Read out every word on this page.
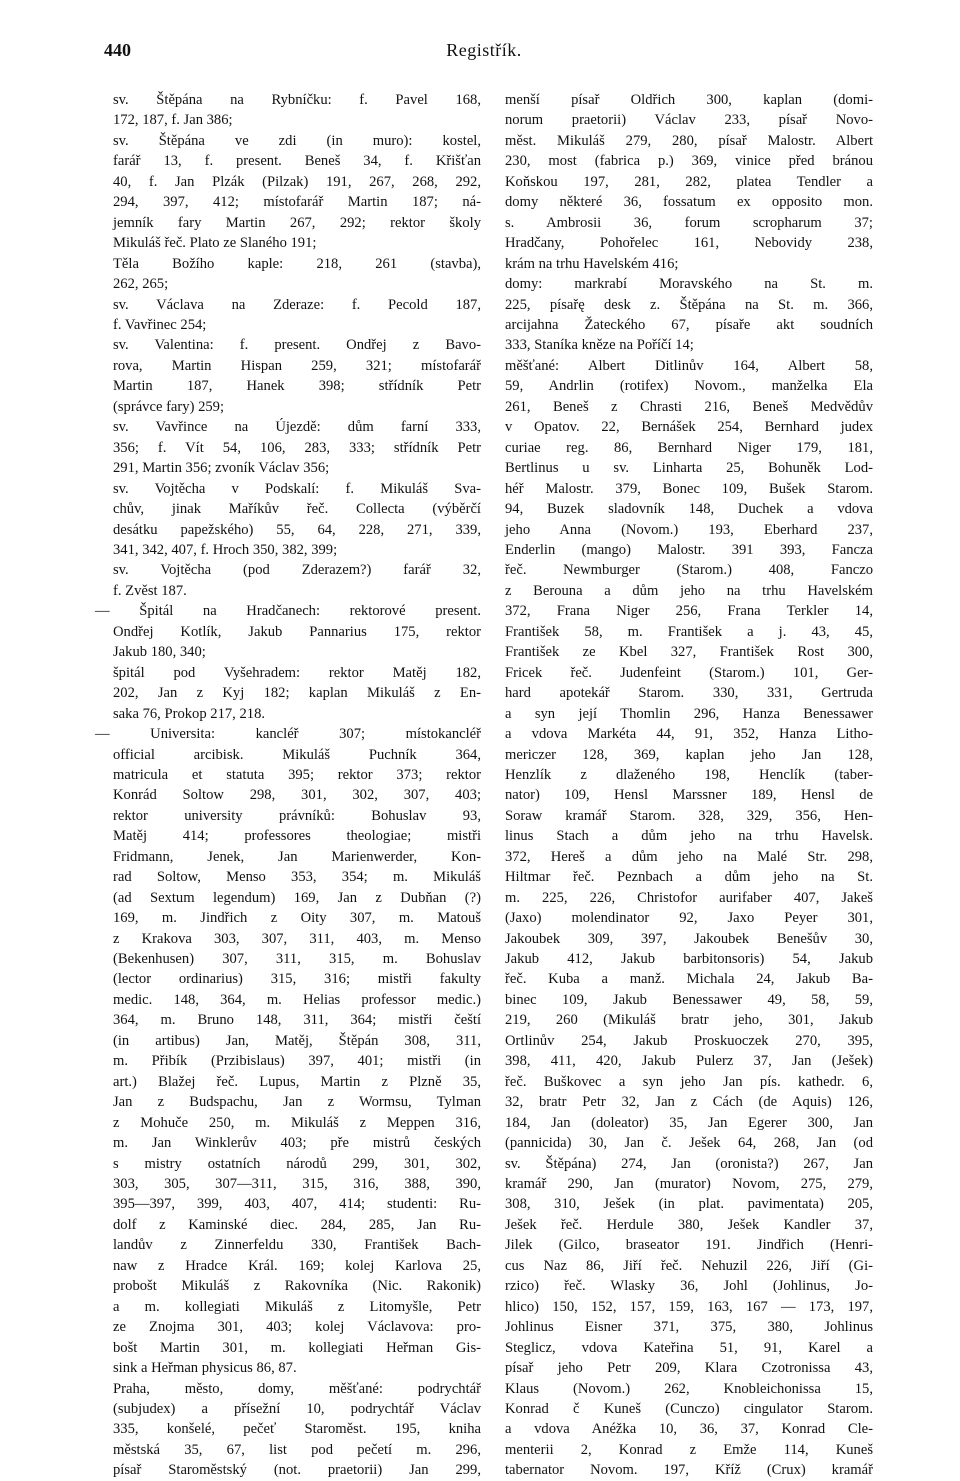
440	Registřík.
sv. Štěpána na Rybníčku: f. Pavel 168,
172, 187, f. Jan 386;
sv. Štěpána ve zdi (in muro): kostel,
farář 13, f. present. Beneš 34, f. Křišťan
40, f. Jan Plzák (Pilzak) 191, 267, 268, 292,
294, 397, 412; místofarář Martin 187; ná-
jemník fary Martin 267, 292; rektor školy
Mikuláš řeč. Plato ze Slaného 191;
Těla Božího kaple: 218, 261 (stavba),
262, 265;
sv. Václava na Zderaze: f. Pecold 187,
f. Vavřinec 254;
sv. Valentina: f. present. Ondřej z Bavo-
rova, Martin Hispan 259, 321; místofarář
Martin 187, Hanek 398; střídník Petr
(správce fary) 259;
sv. Vavřince na Újezdě: dům farní 333,
356; f. Vít 54, 106, 283, 333; střídník Petr
291, Martin 356; zvoník Václav 356;
sv. Vojtěcha v Podskalí: f. Mikuláš Sva-
chův, jinak Maříkův řeč. Collecta (výběrčí
desátku papežského) 55, 64, 228, 271, 339,
341, 342, 407, f. Hroch 350, 382, 399;
sv. Vojtěcha (pod Zderazem?) farář 32,
f. Zvěst 187.
— Špitál na Hradčanech: rektorové present.
Ondřej Kotlík, Jakub Pannarius 175, rektor
Jakub 180, 340;
špitál pod Vyšehradem: rektor Matěj 182,
202, Jan z Kyj 182; kaplan Mikuláš z En-
saka 76, Prokop 217, 218.
— Universita: kancléř 307; místokancléř
official arcibisk. Mikuláš Puchník 364,
matricula et statuta 395; rektor 373; rektor
Konrád Soltow 298, 301, 302, 307, 403;
rektor university právníků: Bohuslav 93,
Matěj 414; professores theologiae; mistři
Fridmann, Jenek, Jan Marienwerder, Kon-
rad Soltow, Menso 353, 354; m. Mikuláš
(ad Sextum legendum) 169, Jan z Dubňan (?)
169, m. Jindřich z Oity 307, m. Matouš
z Krakova 303, 307, 311, 403, m. Menso
(Bekenhusen) 307, 311, 315, m. Bohuslav
(lector ordinarius) 315, 316; mistři fakulty
medic. 148, 364, m. Helias professor medic.)
364, m. Bruno 148, 311, 364; mistři čeští
(in artibus) Jan, Matěj, Štěpán 308, 311,
m. Přibík (Przibislaus) 397, 401; mistři (in
art.) Blažej řeč. Lupus, Martin z Plzně 35,
Jan z Budspachu, Jan z Wormsu, Tylman
z Mohuče 250, m. Mikuláš z Meppen 316,
m. Jan Winklerův 403; pře mistrů českých
s mistry ostatních národů 299, 301, 302,
303, 305, 307—311, 315, 316, 388, 390,
395—397, 399, 403, 407, 414; studenti: Ru-
dolf z Kaminské diec. 284, 285, Jan Ru-
landův z Zinnerfeldu 330, František Bach-
naw z Hradce Král. 169; kolej Karlova 25,
probošt Mikuláš z Rakovníka (Nic. Rakonik)
a m. kollegiati Mikuláš z Litomyšle, Petr
ze Znojma 301, 403; kolej Václavova: pro-
bošt Martin 301, m. kollegiati Heřman Gis-
sink a Heřman physicus 86, 87.
Praha, město, domy, měšťané: podrychtář
(subjudex) a přísežní 10, podrychtář Václav
335, konšelé, pečeť Staroměst. 195, kniha
městská 35, 67, list pod pečetí m. 296,
písař Staroměstský (not. praetorii) Jan 299,
menší písař Oldřich 300, kaplan (domi-
norum praetorii) Václav 233, písař Novo-
měst. Mikuláš 279, 280, písař Malostr. Albert
230, most (fabrica p.) 369, vinice před bránou
Koňskou 197, 281, 282, platea Tendler a
domy některé 36, fossatum ex opposito mon.
s. Ambrosii 36, forum scropharum 37;
Hradčany, Pohořelec 161, Nebovidy 238,
krám na trhu Havelském 416;
domy: markrabí Moravského na St. m.
225, písařę desk z. Štěpána na St. m. 366,
arcijahna Žateckého 67, písaře akt soudních
333, Staníka kněze na Poříčí 14;
měšťané: Albert Ditlinův 164, Albert 58,
59, Andrlin (rotifex) Novom., manželka Ela
261, Beneš z Chrasti 216, Beneš Medvědův
v Opatov. 22, Bernášek 254, Bernhard judex
curiae reg. 86, Bernhard Niger 179, 181,
Bertlinus u sv. Linharta 25, Bohuněk Lod-
héř Malostr. 379, Bonec 109, Bušek Starom.
94, Buzek sladovník 148, Duchek a vdova
jeho Anna (Novom.) 193, Eberhard 237,
Enderlin (mango) Malostr. 391 393, Fancza
řeč. Newmburger (Starom.) 408, Fanczo
z Berouna a dům jeho na trhu Havelském
372, Frana Niger 256, Frana Terkler 14,
František 58, m. František a j. 43, 45,
František ze Kbel 327, František Rost 300,
Fricek řeč. Judenfeint (Starom.) 101, Ger-
hard apotekář Starom. 330, 331, Gertruda
a syn její Thomlin 296, Hanza Benessawer
a vdova Markéta 44, 91, 352, Hanza Litho-
mericzer 128, 369, kaplan jeho Jan 128,
Henzlík z dlaženého 198, Henclík (taber-
nator) 109, Hensl Marssner 189, Hensl de
Soraw kramář Starom. 328, 329, 356, Hen-
linus Stach a dům jeho na trhu Havelsk.
372, Hereš a dům jeho na Malé Str. 298,
Hiltmar řeč. Peznbach a dům jeho na St.
m. 225, 226, Christofor aurifaber 407, Jakeš
(Jaxo) molendinator 92, Jaxo Peyer 301,
Jakoubek 309, 397, Jakoubek Benešův 30,
Jakub 412, Jakub barbitonsoris) 54, Jakub
řeč. Kuba a manž. Michala 24, Jakub Ba-
binec 109, Jakub Benessawer 49, 58, 59,
219, 260 (Mikuláš bratr jeho, 301, Jakub
Ortlinův 254, Jakub Proskuoczek 270, 395,
398, 411, 420, Jakub Pulerz 37, Jan (Ješek)
řeč. Buškovec a syn jeho Jan pís. kathedr. 6,
32, bratr Petr 32, Jan z Cách (de Aquis) 126,
184, Jan (doleator) 35, Jan Egerer 300, Jan
(pannicida) 30, Jan č. Ješek 64, 268, Jan (od
sv. Štěpána) 274, Jan (oronista?) 267, Jan
kramář 290, Jan (murator) Novom, 275, 279,
308, 310, Ješek (in plat. pavimentata) 205,
Ješek řeč. Herdule 380, Ješek Kandler 37,
Jilek (Gilco, braseator 191. Jindřich (Henri-
cus Naz 86, Jiří řeč. Nehuzil 226, Jiří (Gi-
rzico) řeč. Wlasky 36, Johl (Johlinus, Jo-
hlico) 150, 152, 157, 159, 163, 167 — 173, 197,
Johlinus Eisner 371, 375, 380, Johlinus
Steglicz, vdova Kateřina 51, 91, Karel a
písař jeho Petr 209, Klara Czotronissa 43,
Klaus (Novom.) 262, Knobleichonissa 15,
Konrad č Kuneš (Cunczo) cingulator Starom.
a vdova Anéžka 10, 36, 37, Konrad Cle-
menterii 2, Konrad z Emže 114, Kuneš
tabernator Novom. 197, Kříž (Crux) kramář
